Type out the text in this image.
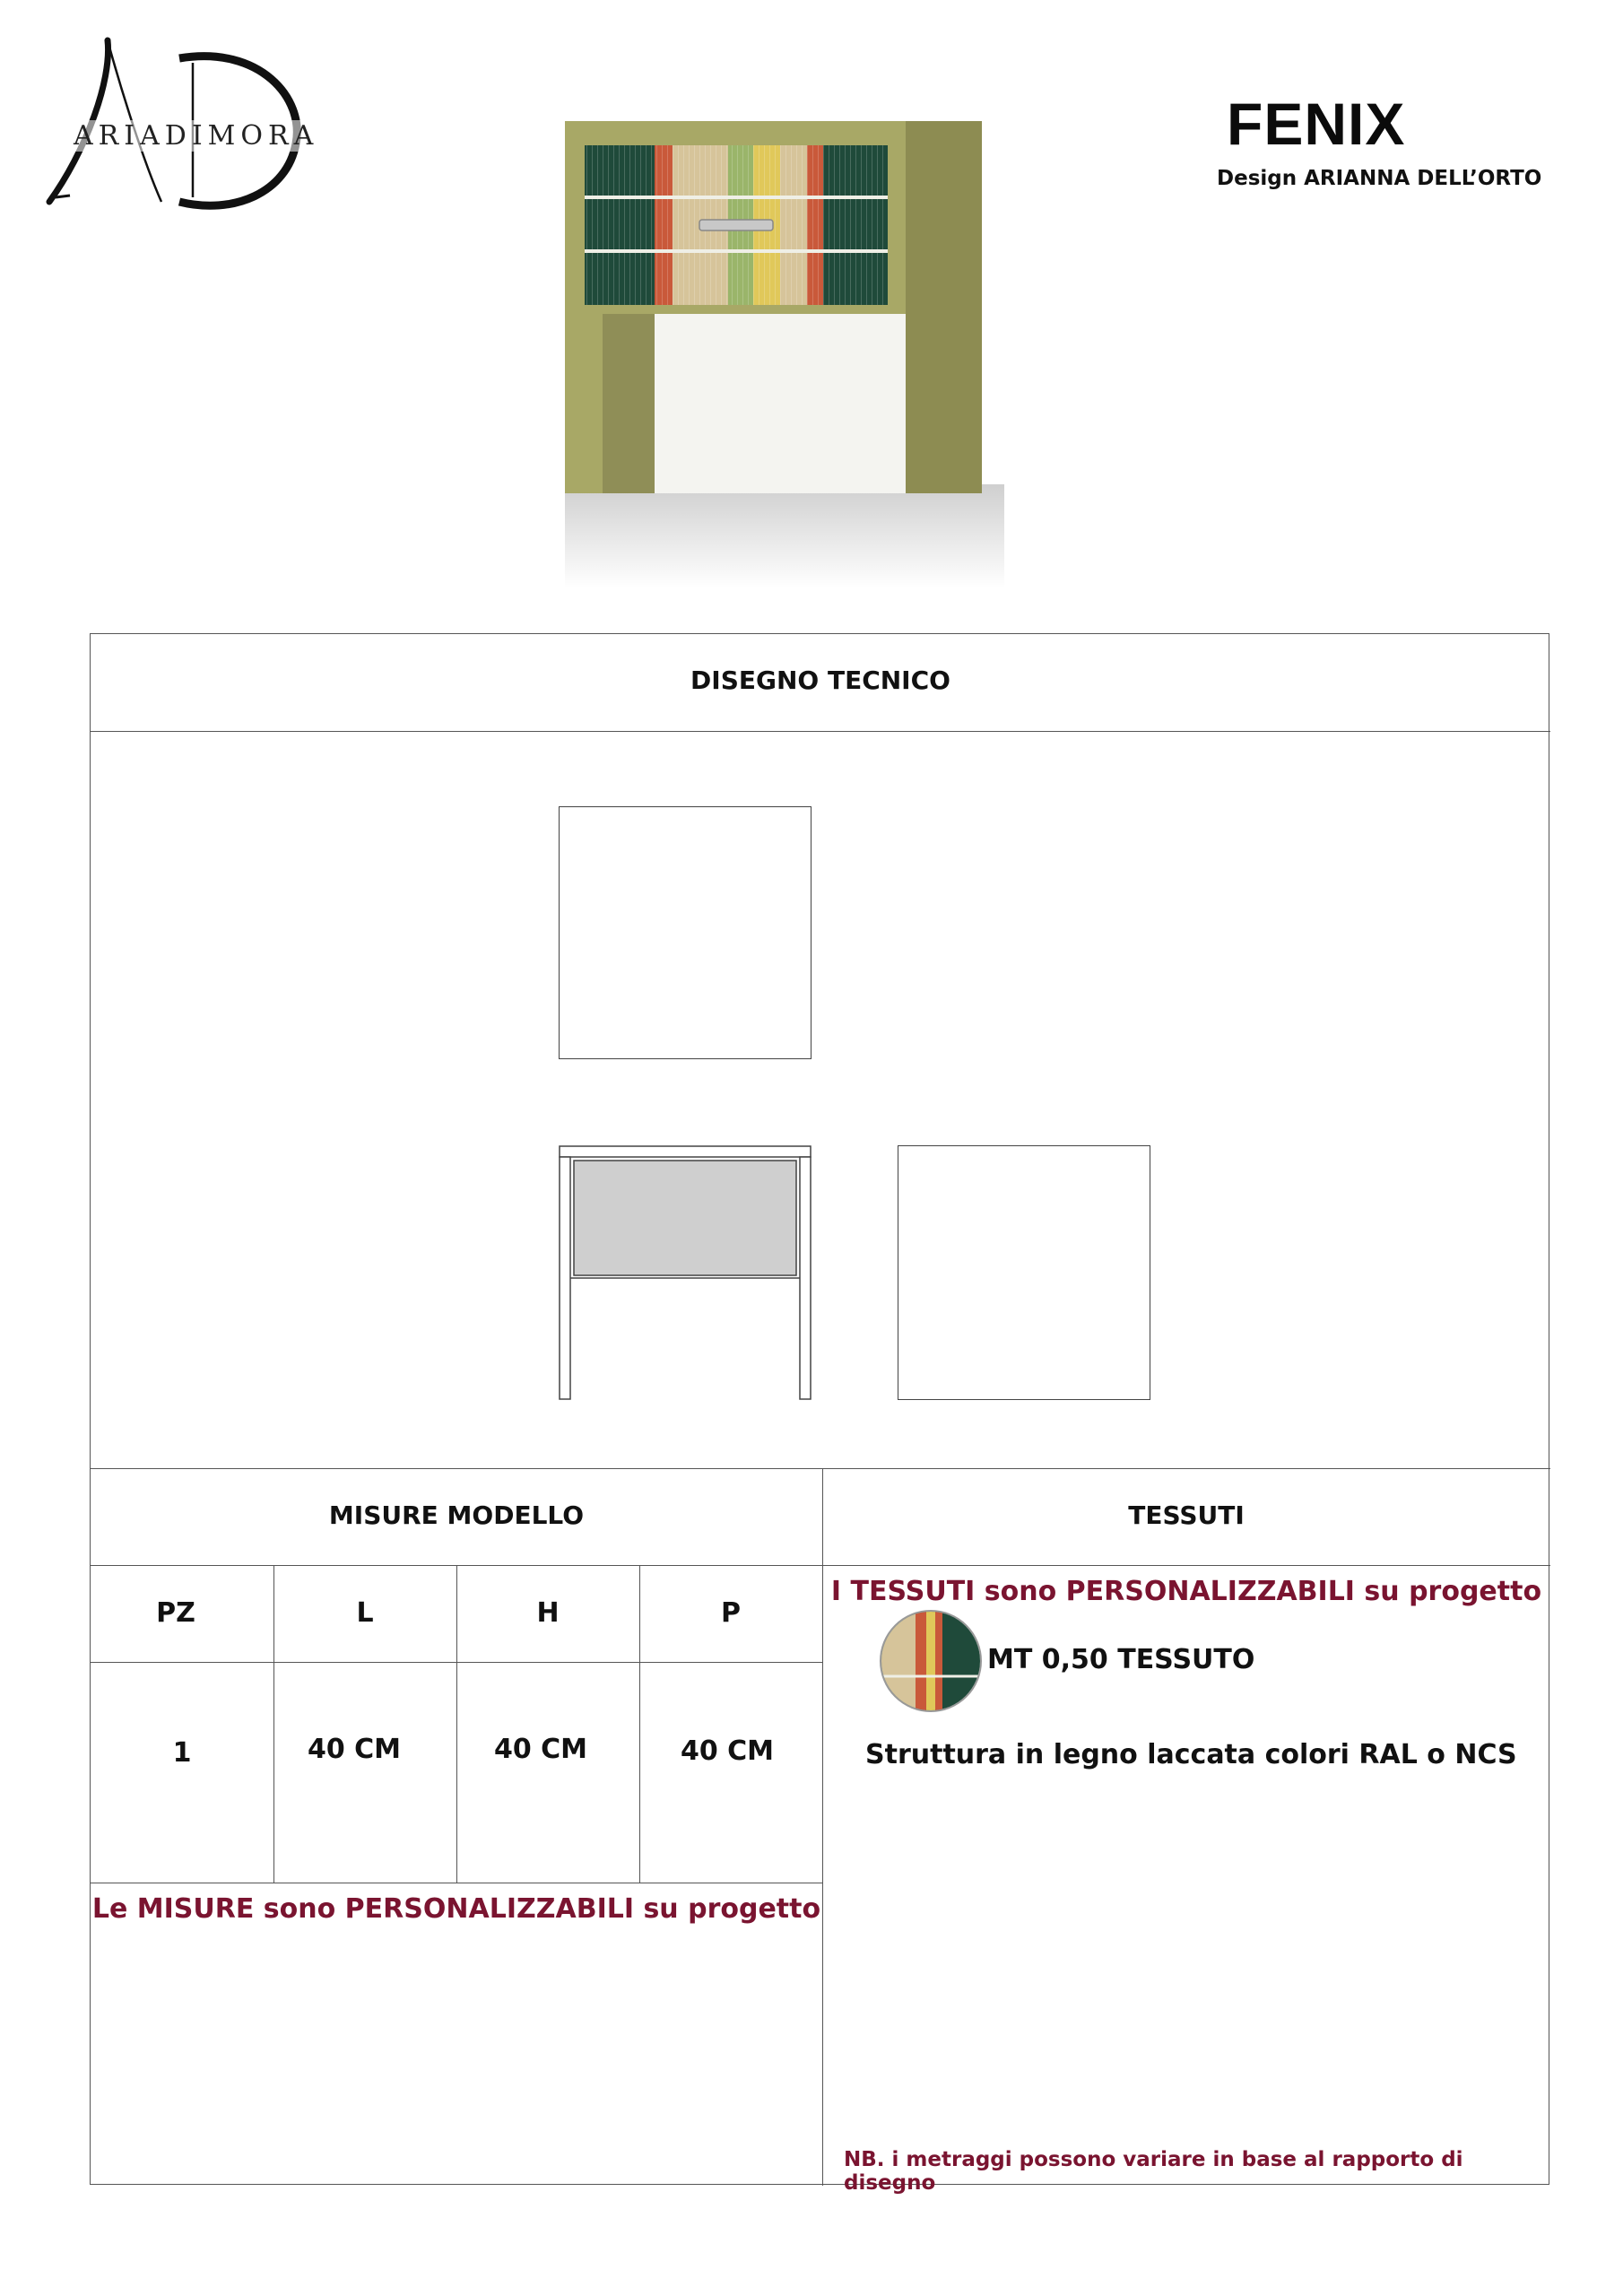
ARIADIMORA	FENIX
Design ARIANNA DELL’ORTO
DISEGNO TECNICO
MISURE MODELLO	TESSUTI
PZ	L	H	P
1	40 CM	40 CM	40 CM
Le MISURE sono PERSONALIZZABILI su progetto
I TESSUTI sono PERSONALIZZABILI su progetto
MT 0,50 TESSUTO
Struttura in legno laccata colori RAL o NCS
NB. i metraggi possono variare in base al rapporto di disegno
